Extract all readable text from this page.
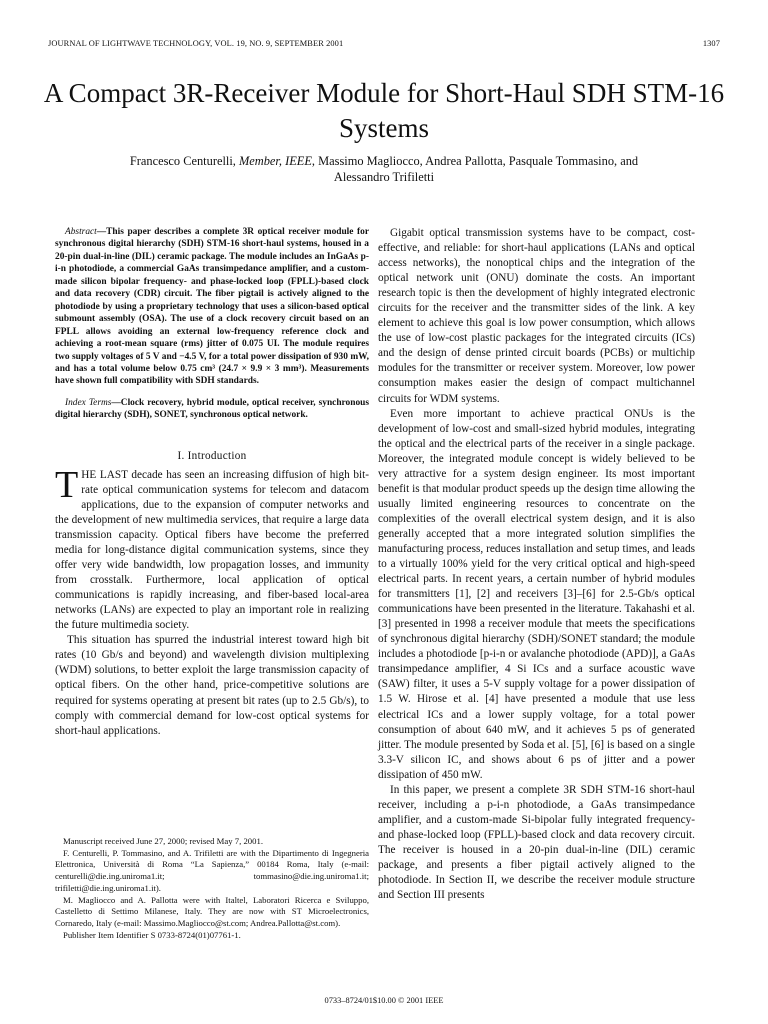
JOURNAL OF LIGHTWAVE TECHNOLOGY, VOL. 19, NO. 9, SEPTEMBER 2001	1307
A Compact 3R-Receiver Module for Short-Haul SDH STM-16 Systems
Francesco Centurelli, Member, IEEE, Massimo Magliocco, Andrea Pallotta, Pasquale Tommasino, and
Alessandro Trifiletti

Abstract—This paper describes a complete 3R optical receiver module for synchronous digital hierarchy (SDH) STM-16 short-haul systems, housed in a 20-pin dual-in-line (DIL) ceramic package. The module includes an InGaAs p-i-n photodiode, a commercial GaAs transimpedance amplifier, and a custom-made silicon bipolar frequency- and phase-locked loop (FPLL)-based clock and data recovery (CDR) circuit. The fiber pigtail is actively aligned to the photodiode by using a proprietary technology that uses a silicon-based optical submount assembly (OSA). The use of a clock recovery circuit based on an FPLL allows avoiding an external low-frequency reference clock and achieving a root-mean square (rms) jitter of 0.075 UI. The module requires two supply voltages of 5 V and −4.5 V, for a total power dissipation of 930 mW, and has a total volume below 0.75 cm³ (24.7 × 9.9 × 3 mm³). Measurements have shown full compatibility with SDH standards.

Index Terms—Clock recovery, hybrid module, optical receiver, synchronous digital hierarchy (SDH), SONET, synchronous optical network.

I. Introduction

THE LAST decade has seen an increasing diffusion of high bit-rate optical communication systems for telecom and datacom applications, due to the expansion of computer networks and the development of new multimedia services, that require a large data transmission capacity. Optical fibers have become the preferred media for long-distance digital communication systems, since they offer very wide bandwidth, low propagation losses, and immunity from crosstalk. Furthermore, local application of optical communications is rapidly increasing, and fiber-based local-area networks (LANs) are expected to play an important role in realizing the future multimedia society.

This situation has spurred the industrial interest toward high bit rates (10 Gb/s and beyond) and wavelength division multiplexing (WDM) solutions, to better exploit the large transmission capacity of optical fibers. On the other hand, price-competitive solutions are required for systems operating at present bit rates (up to 2.5 Gb/s), to comply with commercial demand for low-cost optical systems for short-haul applications.

Manuscript received June 27, 2000; revised May 7, 2001.

F. Centurelli, P. Tommasino, and A. Trifiletti are with the Dipartimento di Ingegneria Elettronica, Università di Roma “La Sapienza,” 00184 Roma, Italy (e-mail: centurelli@die.ing.uniroma1.it; tommasino@die.ing.uniroma1.it; trifiletti@die.ing.uniroma1.it).

M. Magliocco and A. Pallotta were with Italtel, Laboratori Ricerca e Sviluppo, Castelletto di Settimo Milanese, Italy. They are now with ST Microelectronics, Cornaredo, Italy (e-mail: Massimo.Magliocco@st.com; Andrea.Pallotta@st.com).

Publisher Item Identifier S 0733-8724(01)07761-1.

Gigabit optical transmission systems have to be compact, cost-effective, and reliable: for short-haul applications (LANs and optical access networks), the nonoptical chips and the integration of the optical network unit (ONU) dominate the costs. An important research topic is then the development of highly integrated electronic circuits for the receiver and the transmitter sides of the link. A key element to achieve this goal is low power consumption, which allows the use of low-cost plastic packages for the integrated circuits (ICs) and the design of dense printed circuit boards (PCBs) or multichip modules for the transmitter or receiver system. Moreover, low power consumption makes easier the design of compact multichannel circuits for WDM systems.

Even more important to achieve practical ONUs is the development of low-cost and small-sized hybrid modules, integrating the optical and the electrical parts of the receiver in a single package. Moreover, the integrated module concept is widely believed to be very attractive for a system design engineer. Its most important benefit is that modular product speeds up the design time allowing the usually limited engineering resources to concentrate on the complexities of the overall electrical system design, and it is also generally accepted that a more integrated solution simplifies the manufacturing process, reduces installation and setup times, and leads to a virtually 100% yield for the very critical optical and high-speed electrical parts. In recent years, a certain number of hybrid modules for transmitters [1], [2] and receivers [3]–[6] for 2.5-Gb/s optical communications have been presented in the literature. Takahashi et al. [3] presented in 1998 a receiver module that meets the specifications of synchronous digital hierarchy (SDH)/SONET standard; the module includes a photodiode [p-i-n or avalanche photodiode (APD)], a GaAs transimpedance amplifier, 4 Si ICs and a surface acoustic wave (SAW) filter, it uses a 5-V supply voltage for a power dissipation of 1.5 W. Hirose et al. [4] have presented a module that use less electrical ICs and a lower supply voltage, for a total power consumption of about 640 mW, and it achieves 5 ps of generated jitter. The module presented by Soda et al. [5], [6] is based on a single 3.3-V silicon IC, and shows about 6 ps of jitter and a power dissipation of 450 mW.

In this paper, we present a complete 3R SDH STM-16 short-haul receiver, including a p-i-n photodiode, a GaAs transimpedance amplifier, and a custom-made Si-bipolar fully integrated frequency- and phase-locked loop (FPLL)-based clock and data recovery circuit. The receiver is housed in a 20-pin dual-in-line (DIL) ceramic package, and presents a fiber pigtail actively aligned to the photodiode. In Section II, we describe the receiver module structure and Section III presents

0733–8724/01$10.00 © 2001 IEEE
